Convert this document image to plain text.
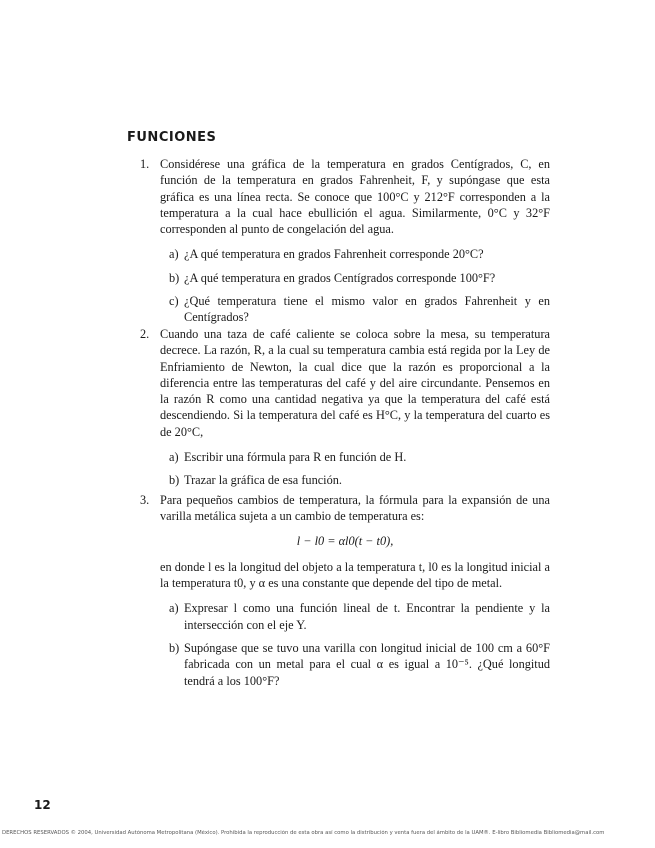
FUNCIONES
1. Considérese una gráfica de la temperatura en grados Centígrados, C, en función de la temperatura en grados Fahrenheit, F, y supóngase que esta gráfica es una línea recta. Se conoce que 100°C y 212°F corresponden a la temperatura a la cual hace ebullición el agua. Similarmente, 0°C y 32°F corresponden al punto de congelación del agua.
a) ¿A qué temperatura en grados Fahrenheit corresponde 20°C?
b) ¿A qué temperatura en grados Centígrados corresponde 100°F?
c) ¿Qué temperatura tiene el mismo valor en grados Fahrenheit y en Centígrados?
2. Cuando una taza de café caliente se coloca sobre la mesa, su temperatura decrece. La razón, R, a la cual su temperatura cambia está regida por la Ley de Enfriamiento de Newton, la cual dice que la razón es proporcional a la diferencia entre las temperaturas del café y del aire circundante. Pensemos en la razón R como una cantidad negativa ya que la temperatura del café está descendiendo. Si la temperatura del café es H°C, y la temperatura del cuarto es de 20°C,
a) Escribir una fórmula para R en función de H.
b) Trazar la gráfica de esa función.
3. Para pequeños cambios de temperatura, la fórmula para la expansión de una varilla metálica sujeta a un cambio de temperatura es:
l − l0 = αl0(t − t0),
en donde l es la longitud del objeto a la temperatura t, l0 es la longitud inicial a la temperatura t0, y α es una constante que depende del tipo de metal.
a) Expresar l como una función lineal de t. Encontrar la pendiente y la intersección con el eje Y.
b) Supóngase que se tuvo una varilla con longitud inicial de 100 cm a 60°F fabricada con un metal para el cual α es igual a 10⁻⁵. ¿Qué longitud tendrá a los 100°F?
12
DERECHOS RESERVADOS © 2004, Universidad Autónoma Metropolitana (México). Prohibida la reproducción de esta obra así como la distribución y venta fuera del ámbito de la UAM®. E-libro Bibliomedia Bibliomedia@mail.com
